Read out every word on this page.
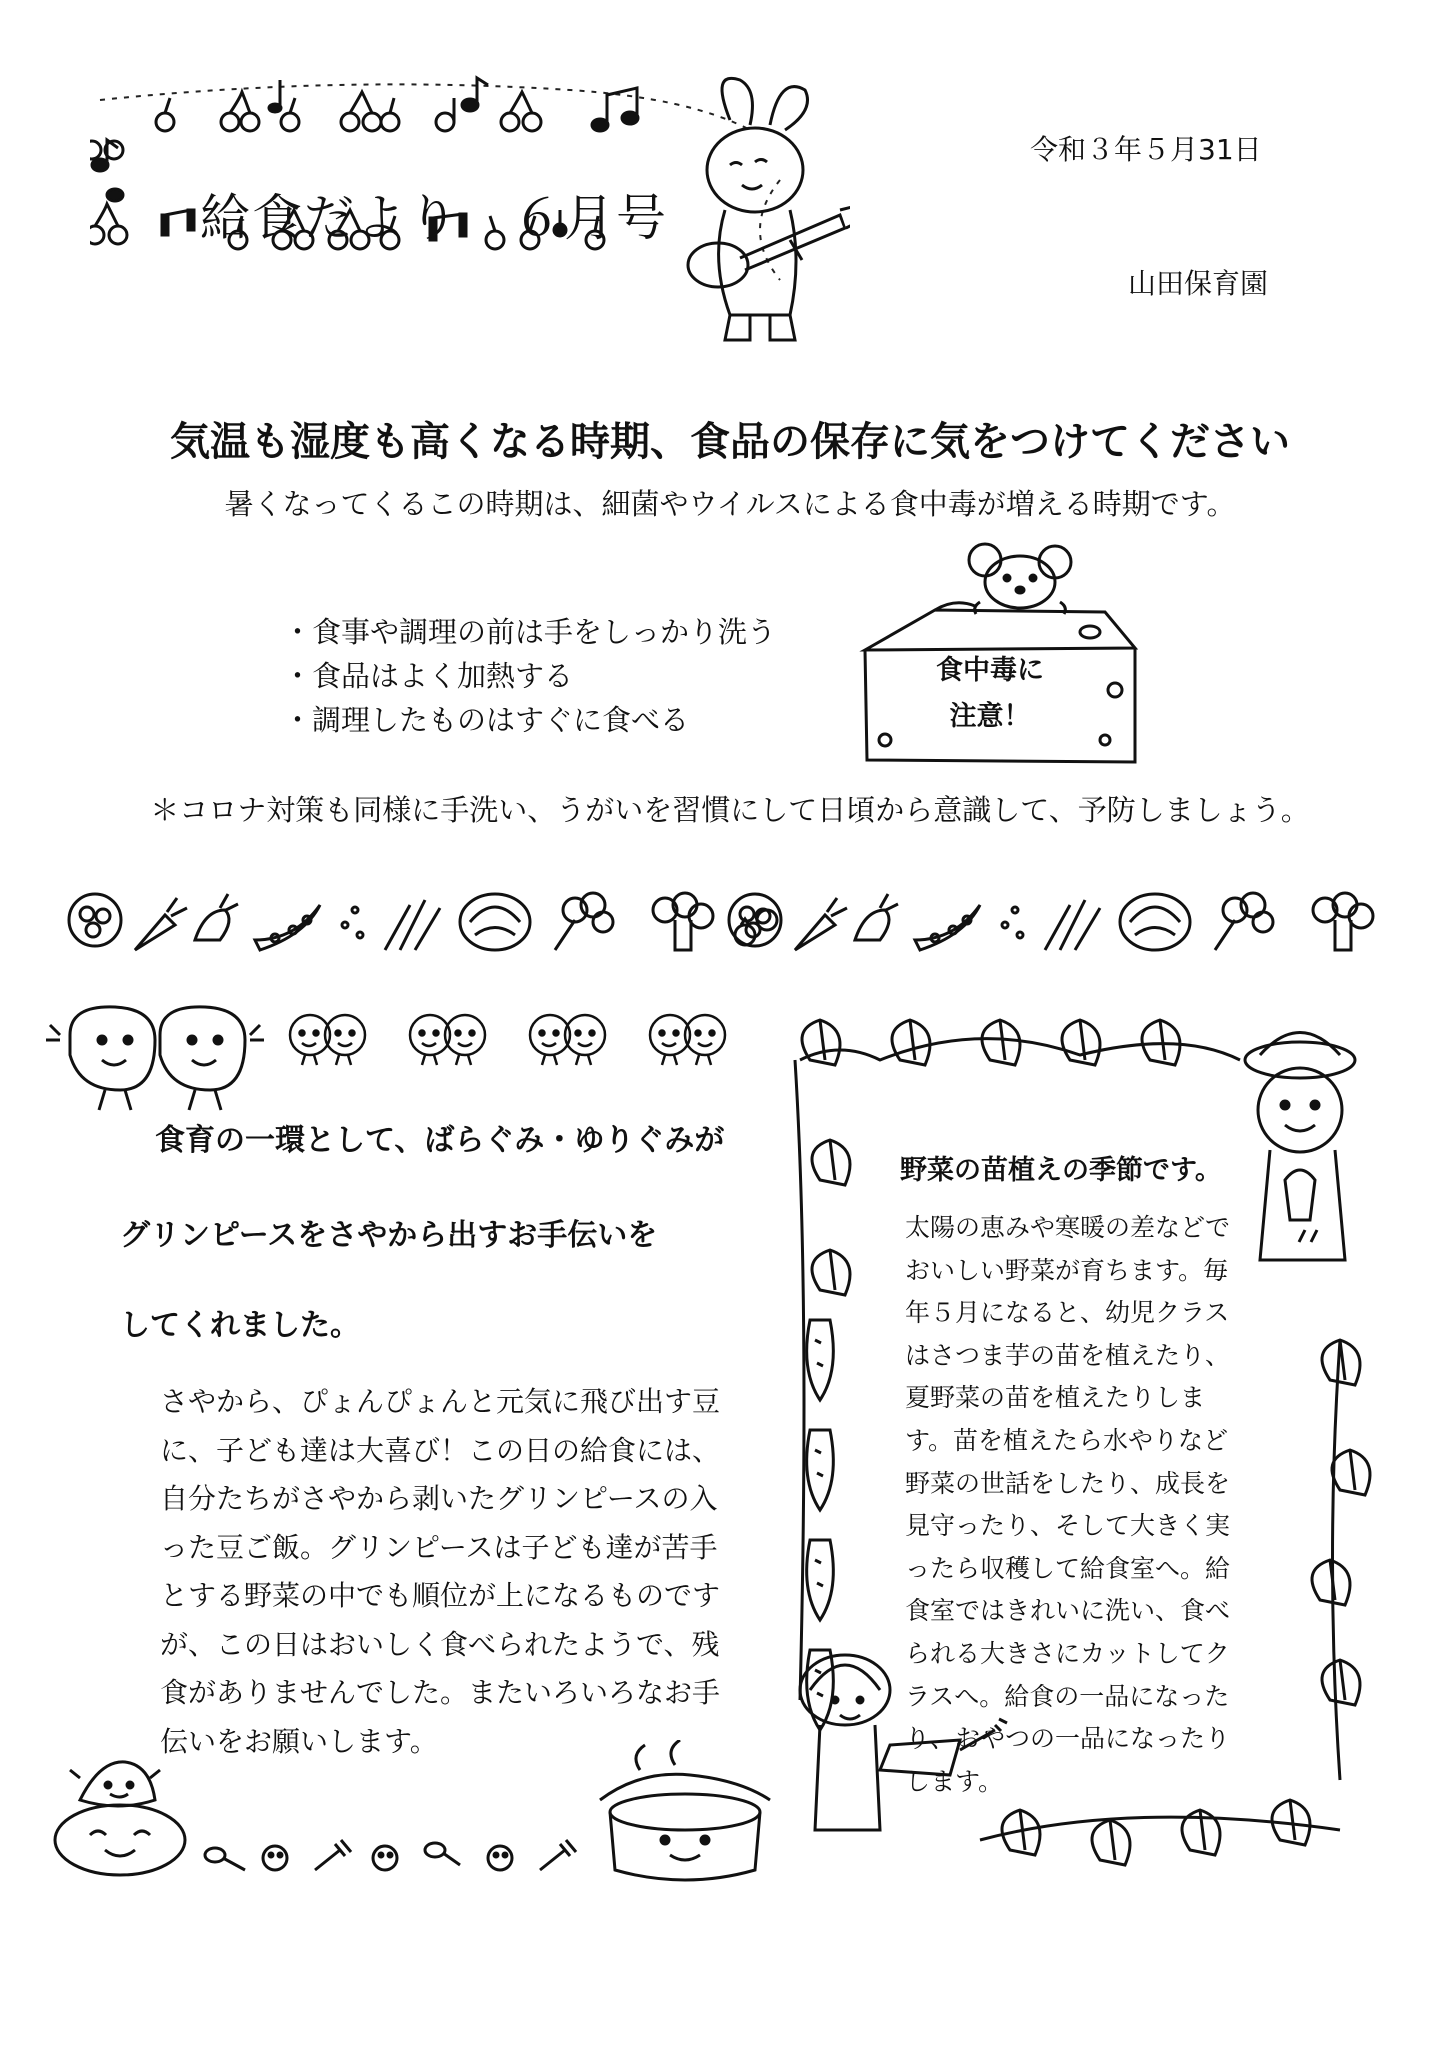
給食だより　６月号
令和３年５月31日
山田保育園
気温も湿度も高くなる時期、食品の保存に気をつけてください
暑くなってくるこの時期は、細菌やウイルスによる食中毒が増える時期です。
・食事や調理の前は手をしっかり洗う
・食品はよく加熱する
・調理したものはすぐに食べる
食中毒に
注意！
＊コロナ対策も同様に手洗い、うがいを習慣にして日頃から意識して、予防しましょう。
食育の一環として、ばらぐみ・ゆりぐみが
グリンピースをさやから出すお手伝いを
してくれました。

さやから、ぴょんぴょんと元気に飛び出す豆に、子ども達は大喜び！この日の給食には、自分たちがさやから剥いたグリンピースの入った豆ご飯。グリンピースは子ども達が苦手とする野菜の中でも順位が上になるものですが、この日はおいしく食べられたようで、残食がありませんでした。またいろいろなお手伝いをお願いします。

野菜の苗植えの季節です。

太陽の恵みや寒暖の差などでおいしい野菜が育ちます。毎年５月になると、幼児クラスはさつま芋の苗を植えたり、夏野菜の苗を植えたりします。苗を植えたら水やりなど野菜の世話をしたり、成長を見守ったり、そして大きく実ったら収穫して給食室へ。給食室ではきれいに洗い、食べられる大きさにカットしてクラスへ。給食の一品になったり、おやつの一品になったりします。
